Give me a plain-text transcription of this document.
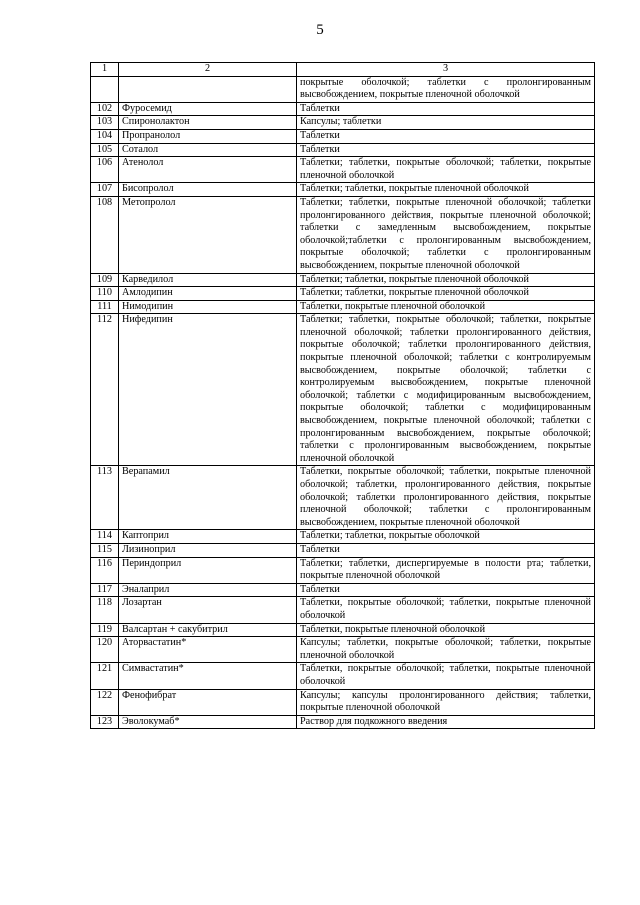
5
1	2	3
		покрытые оболочкой; таблетки с пролонгированным высвобождением, покрытые пленочной оболочкой
102	Фуросемид	Таблетки
103	Спиронолактон	Капсулы; таблетки
104	Пропранолол	Таблетки
105	Соталол	Таблетки
106	Атенолол	Таблетки; таблетки, покрытые оболочкой; таблетки, покрытые пленочной оболочкой
107	Бисопролол	Таблетки; таблетки, покрытые пленочной оболочкой
108	Метопролол	Таблетки; таблетки, покрытые пленочной оболочкой; таблетки пролонгированного действия, покрытые пленочной оболочкой; таблетки с замедленным высвобождением, покрытые оболочкой;таблетки с пролонгированным высвобождением, покрытые оболочкой; таблетки с пролонгированным высвобождением, покрытые пленочной оболочкой
109	Карведилол	Таблетки; таблетки, покрытые пленочной оболочкой
110	Амлодипин	Таблетки; таблетки, покрытые пленочной оболочкой
111	Нимодипин	Таблетки, покрытые пленочной оболочкой
112	Нифедипин	Таблетки; таблетки, покрытые оболочкой; таблетки, покрытые пленочной оболочкой; таблетки пролонгированного действия, покрытые оболочкой; таблетки пролонгированного действия, покрытые пленочной оболочкой; таблетки с контролируемым высвобождением, покрытые оболочкой; таблетки с контролируемым высвобождением, покрытые пленочной оболочкой; таблетки с модифицированным высвобождением, покрытые оболочкой; таблетки с модифицированным высвобождением, покрытые пленочной оболочкой; таблетки с пролонгированным высвобождением, покрытые оболочкой; таблетки с пролонгированным высвобождением, покрытые пленочной оболочкой
113	Верапамил	Таблетки, покрытые оболочкой; таблетки, покрытые пленочной оболочкой; таблетки, пролонгированного действия, покрытые оболочкой; таблетки пролонгированного действия, покрытые пленочной оболочкой; таблетки с пролонгированным высвобождением, покрытые пленочной оболочкой
114	Каптоприл	Таблетки; таблетки, покрытые оболочкой
115	Лизиноприл	Таблетки
116	Периндоприл	Таблетки; таблетки, диспергируемые в полости рта; таблетки, покрытые пленочной оболочкой
117	Эналаприл	Таблетки
118	Лозартан	Таблетки, покрытые оболочкой; таблетки, покрытые пленочной оболочкой
119	Валсартан + сакубитрил	Таблетки, покрытые пленочной оболочкой
120	Аторвастатин*	Капсулы; таблетки, покрытые оболочкой; таблетки, покрытые пленочной оболочкой
121	Симвастатин*	Таблетки, покрытые оболочкой; таблетки, покрытые пленочной оболочкой
122	Фенофибрат	Капсулы; капсулы пролонгированного действия; таблетки, покрытые пленочной оболочкой
123	Эволокумаб*	Раствор для подкожного введения
